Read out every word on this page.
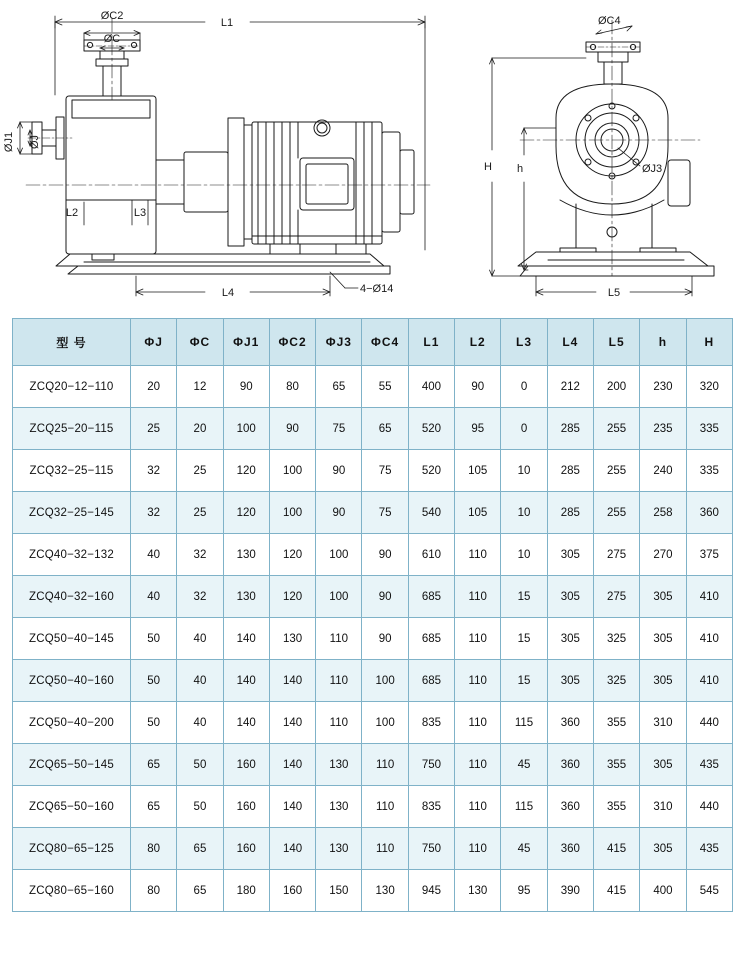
L1
ØC2
ØC
ØJ1 ØJ
L2	L3
L4	4−Ø14
ØC4
ØJ3
H h
L5
型 号	ΦJ	ΦC	ΦJ1	ΦC2	ΦJ3	ΦC4	L1	L2	L3	L4	L5	h	H
ZCQ20−12−110	20	12	90	80	65	55	400	90	0	212	200	230	320
ZCQ25−20−115	25	20	100	90	75	65	520	95	0	285	255	235	335
ZCQ32−25−115	32	25	120	100	90	75	520	105	10	285	255	240	335
ZCQ32−25−145	32	25	120	100	90	75	540	105	10	285	255	258	360
ZCQ40−32−132	40	32	130	120	100	90	610	110	10	305	275	270	375
ZCQ40−32−160	40	32	130	120	100	90	685	110	15	305	275	305	410
ZCQ50−40−145	50	40	140	130	110	90	685	110	15	305	325	305	410
ZCQ50−40−160	50	40	140	140	110	100	685	110	15	305	325	305	410
ZCQ50−40−200	50	40	140	140	110	100	835	110	115	360	355	310	440
ZCQ65−50−145	65	50	160	140	130	110	750	110	45	360	355	305	435
ZCQ65−50−160	65	50	160	140	130	110	835	110	115	360	355	310	440
ZCQ80−65−125	80	65	160	140	130	110	750	110	45	360	415	305	435
ZCQ80−65−160	80	65	180	160	150	130	945	130	95	390	415	400	545
